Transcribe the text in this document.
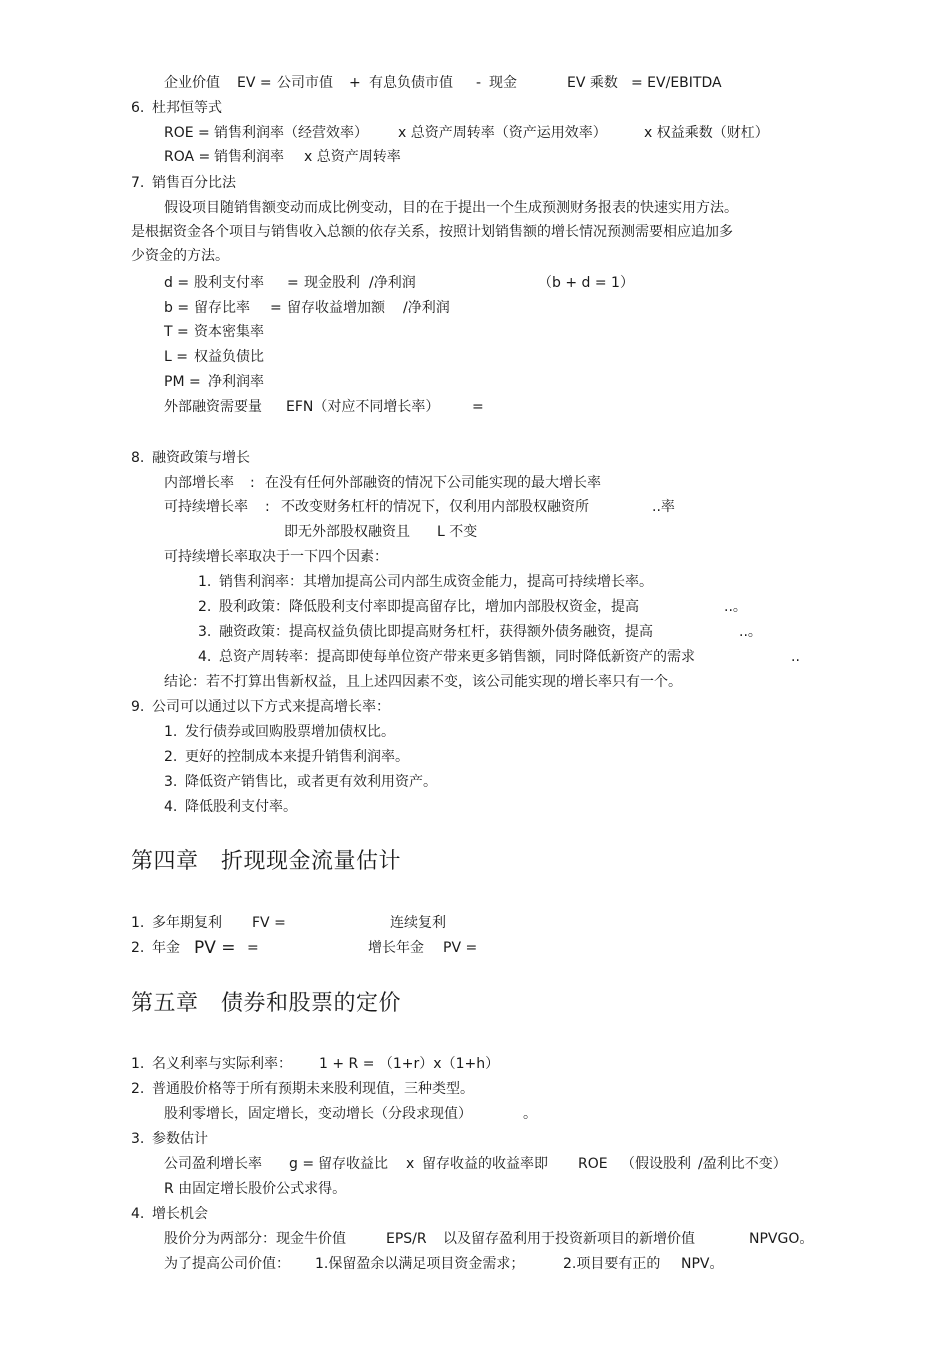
企业价值 EV = 公司市值 + 有息负债市值 - 现金	EV 乘数 = EV/EBITDA
6. 杜邦恒等式
ROE = 销售利润率（经营效率） x 总资产周转率（资产运用效率）	x 权益乘数（财杠）
ROA = 销售利润率 x 总资产周转率
7. 销售百分比法
假设项目随销售额变动而成比例变动，目的在于提出一个生成预测财务报表的快速实用方法。
是根据资金各个项目与销售收入总额的依存关系，按照计划销售额的增长情况预测需要相应追加多
少资金的方法。
d = 股利支付率 = 现金股利 /净利润	（b + d = 1）
b = 留存比率 = 留存收益增加额 /净利润
T = 资本密集率
L = 权益负债比
PM = 净利润率
外部融资需要量 EFN（对应不同增长率） =
8. 融资政策与增长
内部增长率 : 在没有任何外部融资的情况下公司能实现的最大增长率
可持续增长率 : 不改变财务杠杆的情况下，仅利用内部股权融资所	..率
即无外部股权融资且 L 不变
可持续增长率取决于一下四个因素：
1. 销售利润率：其增加提高公司内部生成资金能力，提高可持续增长率。
2. 股利政策：降低股利支付率即提高留存比，增加内部股权资金，提高	..。
3. 融资政策：提高权益负债比即提高财务杠杆，获得额外债务融资，提高	..。
4. 总资产周转率：提高即使每单位资产带来更多销售额，同时降低新资产的需求	..
结论：若不打算出售新权益，且上述四因素不变，该公司能实现的增长率只有一个。
9. 公司可以通过以下方式来提高增长率：
1. 发行债券或回购股票增加债权比。
2. 更好的控制成本来提升销售利润率。
3. 降低资产销售比，或者更有效利用资产。
4. 降低股利支付率。
第四章　折现现金流量估计
1. 多年期复利 FV =	连续复利
2. 年金 PV = =	增长年金 PV =
第五章　债券和股票的定价
1. 名义利率与实际利率： 1 + R = （1+r）x（1+h）
2. 普通股价格等于所有预期未来股利现值，三种类型。
股利零增长，固定增长，变动增长（分段求现值）	。
3. 参数估计
公司盈利增长率 g = 留存收益比 x 留存收益的收益率即 ROE （假设股利 /盈利比不变）
R 由固定增长股价公式求得。
4. 增长机会
股价分为两部分：现金牛价值	EPS/R 以及留存盈利用于投资新项目的新增价值	NPVGO。
为了提高公司价值： 1.保留盈余以满足项目资金需求；	2.项目要有正的 NPV。
